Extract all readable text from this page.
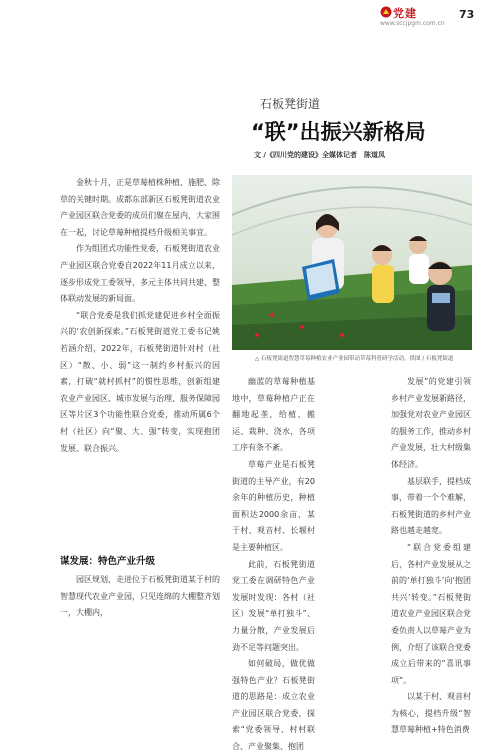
党建
www.sccjpgm.com.cn
73
石板凳街道
“联”出振兴新格局
文 /《四川党的建设》全媒体记者　陈道凤
△ 石板凳街道智慧草莓种植农业产业园带动草莓科普研学活动。供图 / 石板凳街道

金秋十月，正是草莓植株种植、施肥、除草的关键时期。成都东部新区石板凳街道农业产业园区联合党委的成员们聚在屋内，大家围在一起，讨论草莓种植提档升级相关事宜。

作为组团式功能性党委，石板凳街道农业产业园区联合党委自2022年11月成立以来，逐步形成党工委领导，多元主体共同共建、整体联动发展的新局面。

“联合党委是我们抓党建促进乡村全面振兴的‘农创新探索。”石板凳街道党工委书记姚若涵介绍，2022年，石板凳街道针对村（社区）“散、小、弱”这一制约乡村振兴的因素，打破“就村抓村”的惯性思维，创新组建农业产业园区、城市发展与治理、服务保障园区等片区3个功能性联合党委，推动所属6个村（社区）向“聚、大、强”转变，实现抱团发展、联合振兴。

谋发展：特色产业升级

园区规划，走进位于石板凳街道某于村的智慧现代农业产业园，只见连绵的大棚整齐划一，大棚内，

幽蓝的草莓种植基地中，草莓种植户正在翻地起垄，给植、搬运、栽种、浇水，各项工序有条不紊。

草莓产业是石板凳街道的主导产业，有20余年的种植历史，种植面积达2000余亩，某于村、观音村、长堰村是主要种植区。

此前，石板凳街道党工委在调研特色产业发展时发现：各村（社区）发展“单打独斗”、力量分散，产业发展后劲不足等问题突出。

如何破局，做优做强特色产业？石板凳街道的思路是：成立农业产业园区联合党委，探索“党委领导、村村联合、产业聚集、抱团

发展”的党建引领乡村产业发展新路径，加强党对农业产业园区的服务工作，推动乡村产业发展，壮大村级集体经济。

基层联手，提档成事，带着一个个难解，石板凳街道的乡村产业路也越走越宽。

“联合党委组建后，各村产业发展从之前的‘单打独斗’向‘抱团共兴’转变。”石板凳街道农业产业园区联合党委负责人以草莓产业为例，介绍了该联合党委成立后带来的“喜讯事项”。

以某于村、观音村为核心，提档升级“智慧草莓种植+特色消费
